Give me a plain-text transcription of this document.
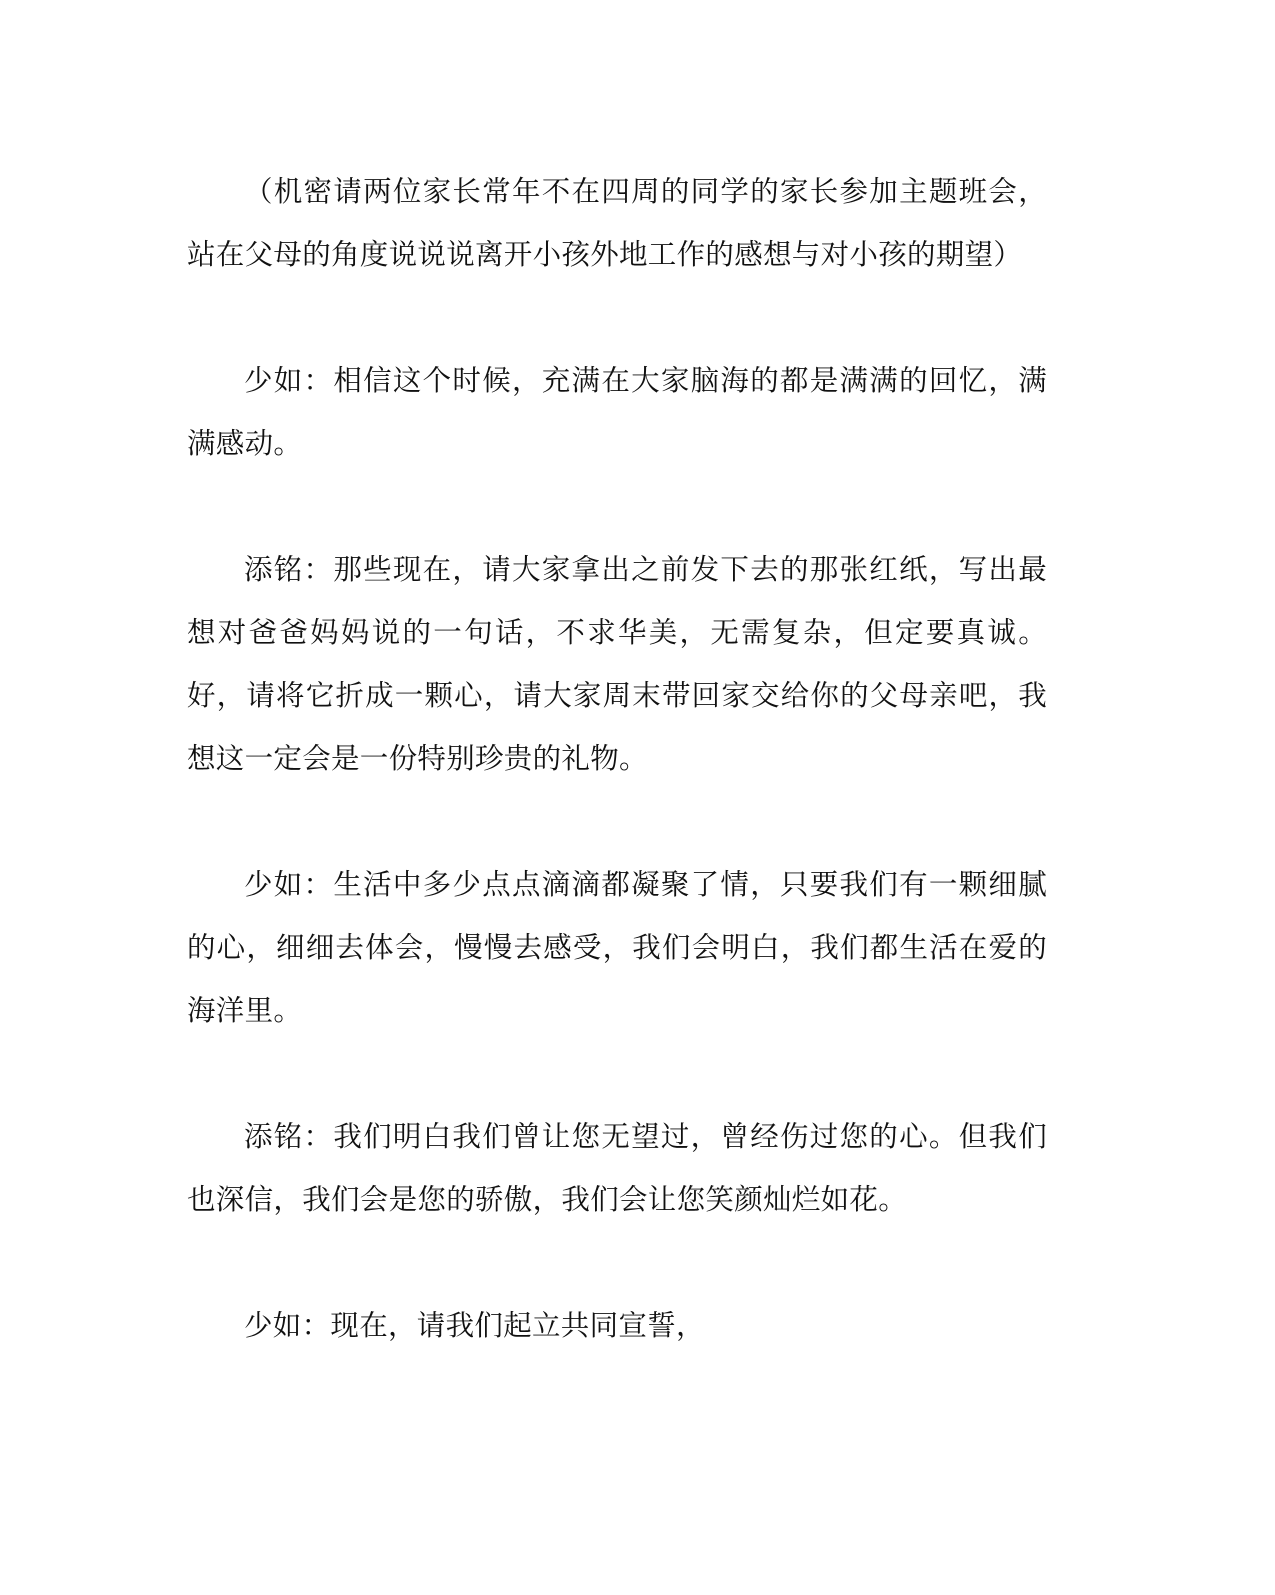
（机密请两位家长常年不在四周的同学的家长参加主题班会，站在父母的角度说说说离开小孩外地工作的感想与对小孩的期望）

少如：相信这个时候，充满在大家脑海的都是满满的回忆，满满感动。

添铭：那些现在，请大家拿出之前发下去的那张红纸，写出最想对爸爸妈妈说的一句话，不求华美，无需复杂，但定要真诚。好，请将它折成一颗心，请大家周末带回家交给你的父母亲吧，我想这一定会是一份特别珍贵的礼物。

少如：生活中多少点点滴滴都凝聚了情，只要我们有一颗细腻的心，细细去体会，慢慢去感受，我们会明白，我们都生活在爱的海洋里。

添铭：我们明白我们曾让您无望过，曾经伤过您的心。但我们也深信，我们会是您的骄傲，我们会让您笑颜灿烂如花。

少如：现在，请我们起立共同宣誓，
